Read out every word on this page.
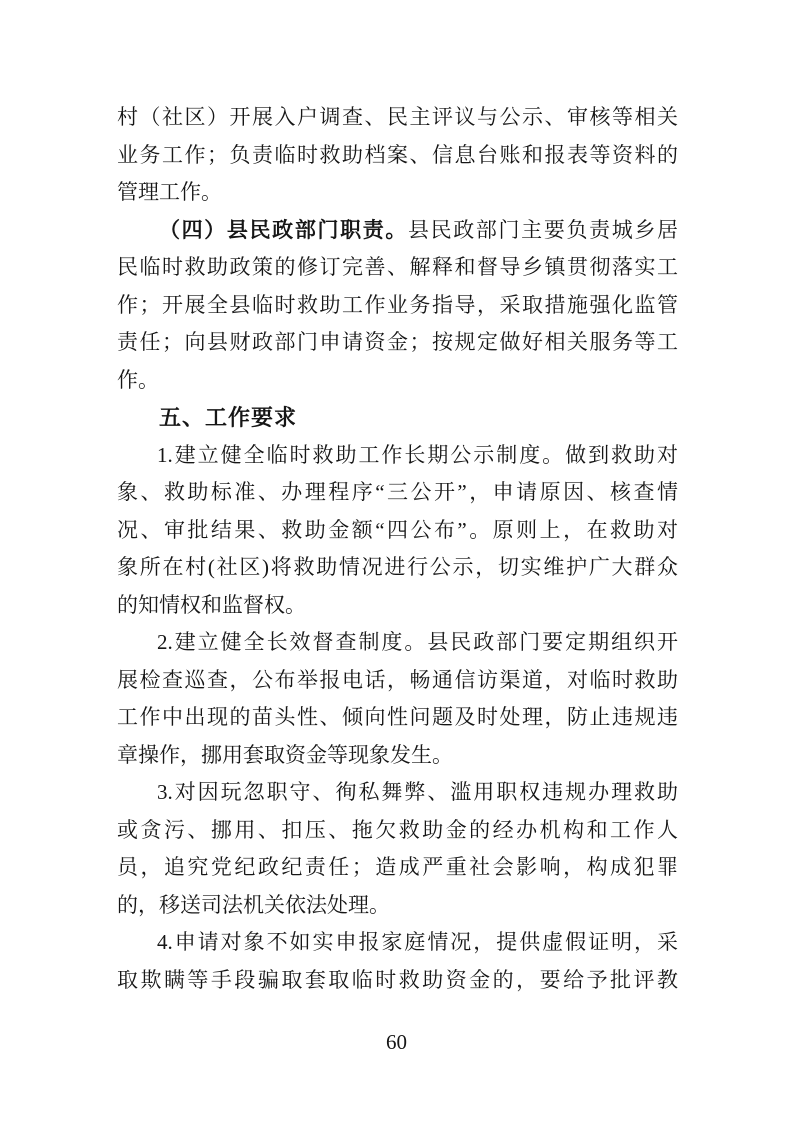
村（社区）开展入户调查、民主评议与公示、审核等相关
业务工作；负责临时救助档案、信息台账和报表等资料的
管理工作。
（四）县民政部门职责。县民政部门主要负责城乡居
民临时救助政策的修订完善、解释和督导乡镇贯彻落实工
作；开展全县临时救助工作业务指导，采取措施强化监管
责任；向县财政部门申请资金；按规定做好相关服务等工
作。
五、工作要求
1.建立健全临时救助工作长期公示制度。做到救助对
象、救助标准、办理程序“三公开”，申请原因、核查情
况、审批结果、救助金额“四公布”。原则上，在救助对
象所在村(社区)将救助情况进行公示，切实维护广大群众
的知情权和监督权。
2.建立健全长效督查制度。县民政部门要定期组织开
展检查巡查，公布举报电话，畅通信访渠道，对临时救助
工作中出现的苗头性、倾向性问题及时处理，防止违规违
章操作，挪用套取资金等现象发生。
3.对因玩忽职守、徇私舞弊、滥用职权违规办理救助
或贪污、挪用、扣压、拖欠救助金的经办机构和工作人
员，追究党纪政纪责任；造成严重社会影响，构成犯罪
的，移送司法机关依法处理。
4.申请对象不如实申报家庭情况，提供虚假证明，采
取欺瞒等手段骗取套取临时救助资金的，要给予批评教
60
